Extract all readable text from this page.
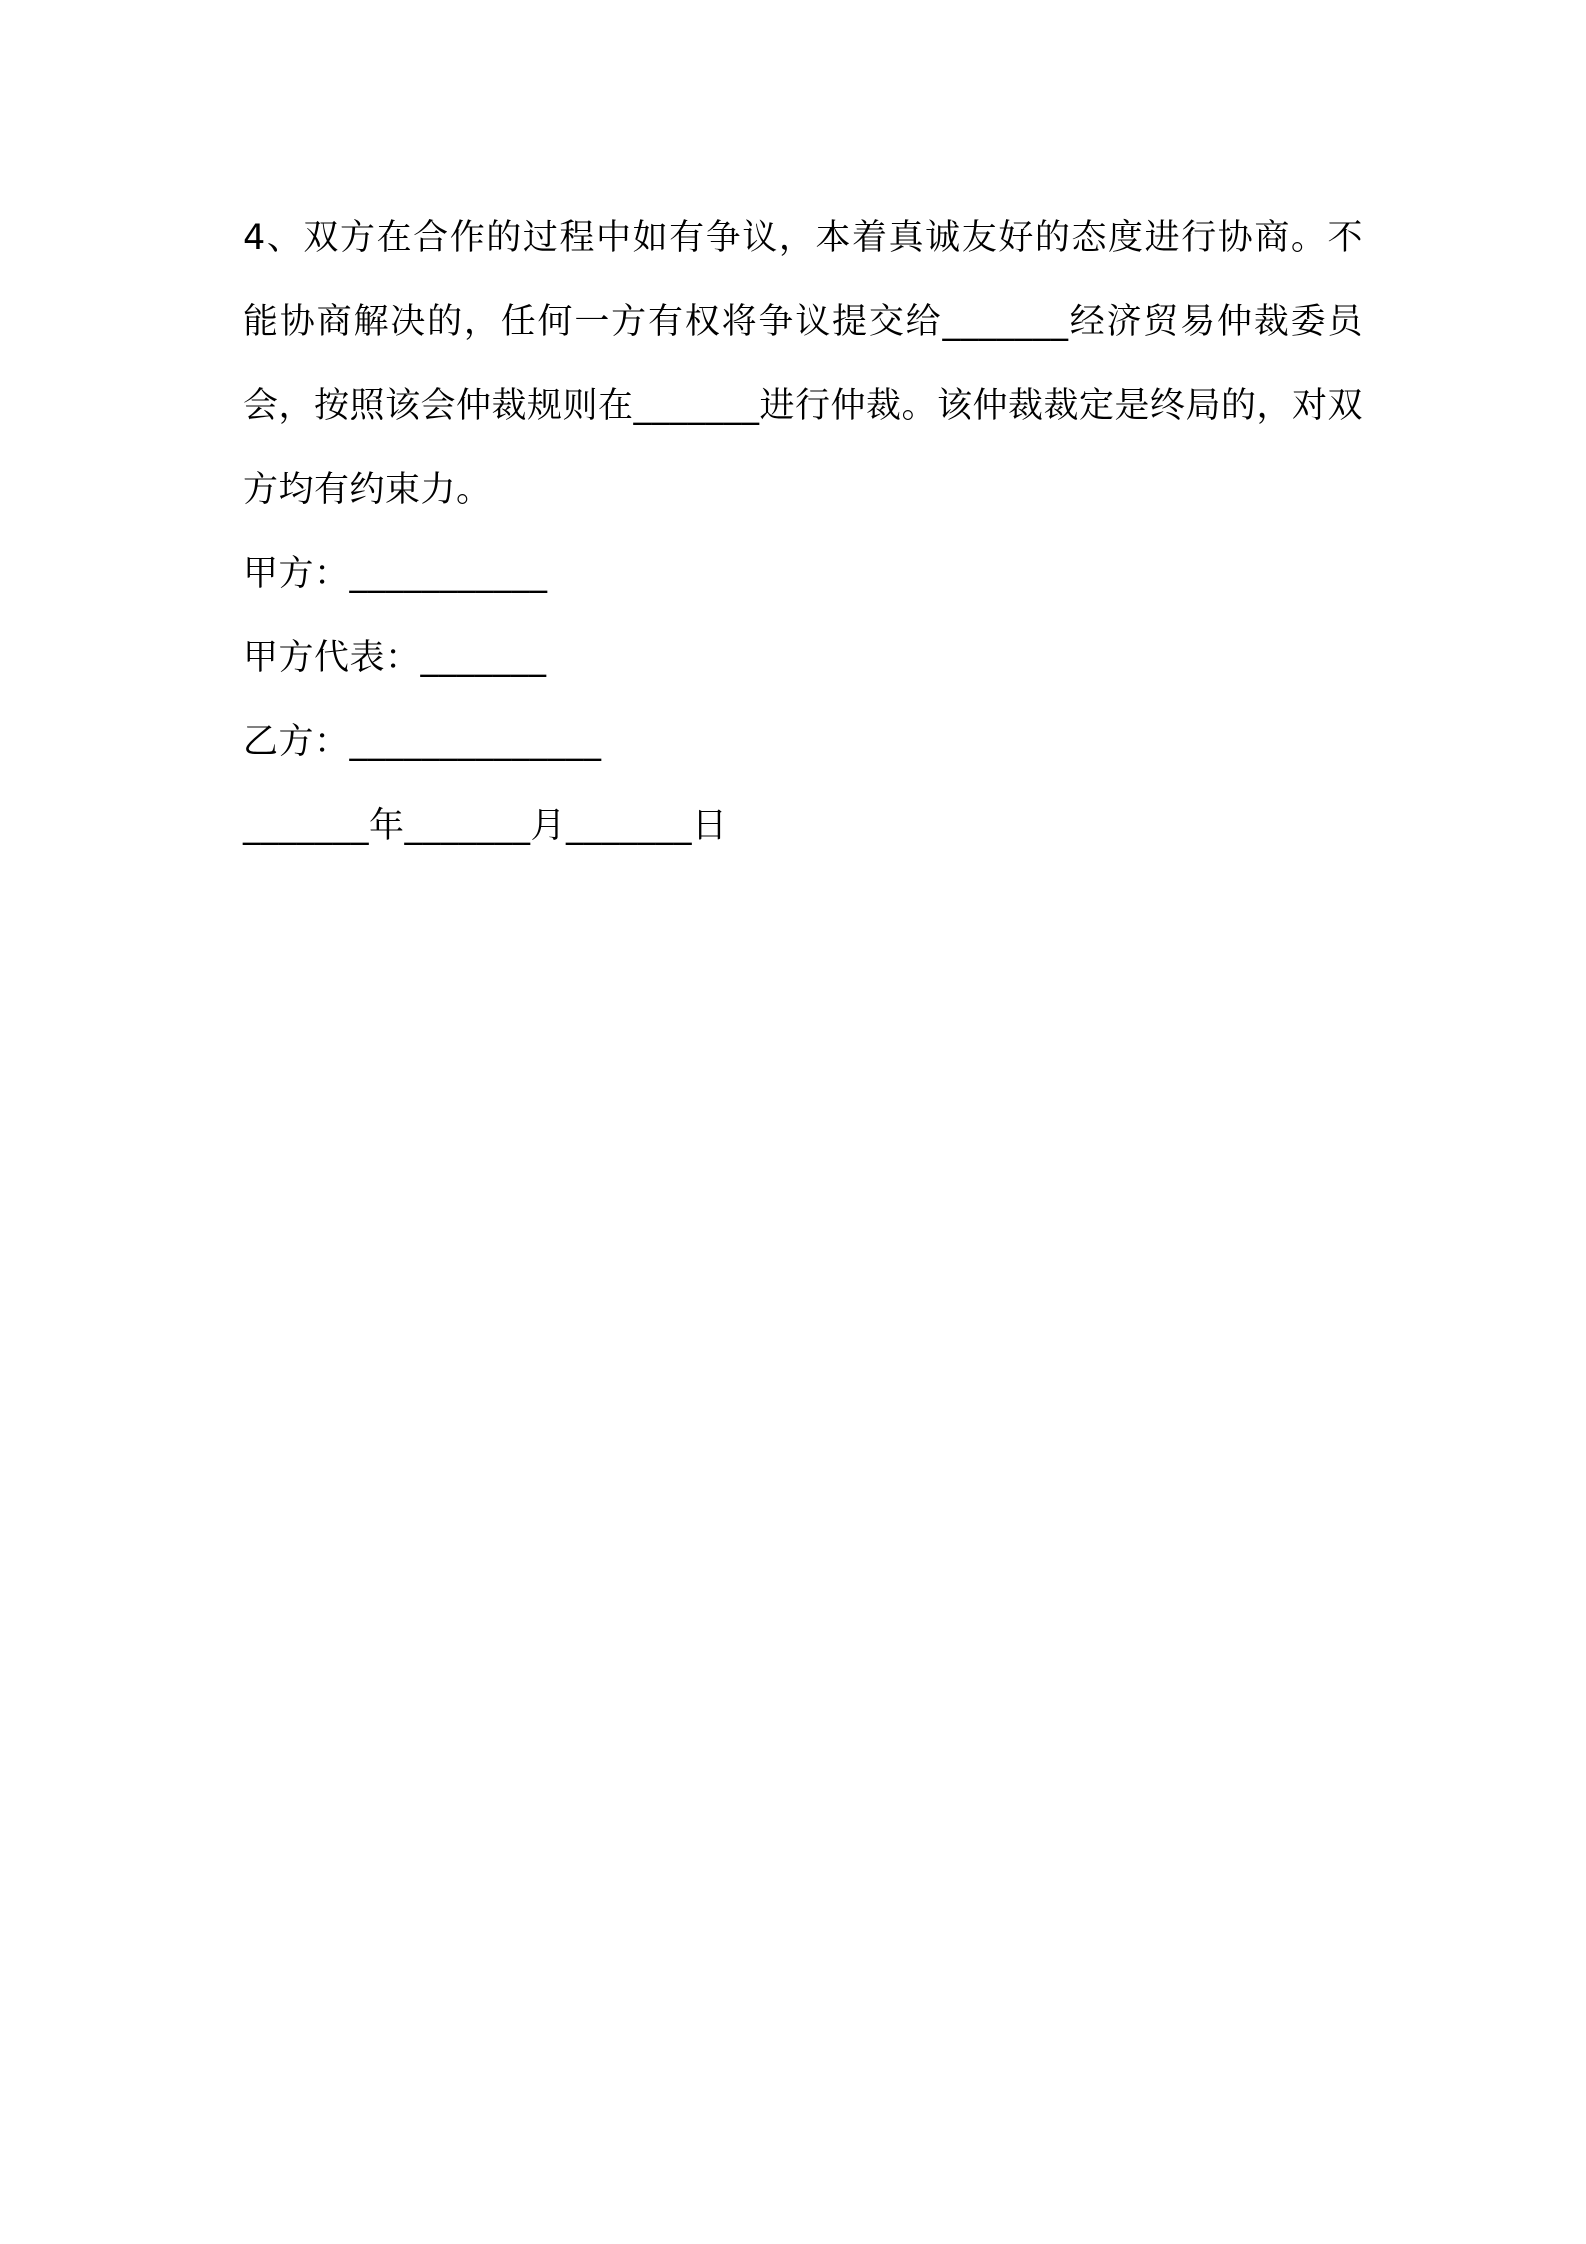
4、双方在合作的过程中如有争议，本着真诚友好的态度进行协商。不能协商解决的，任何一方有权将争议提交给_______经济贸易仲裁委员会，按照该会仲裁规则在_______进行仲裁。该仲裁裁定是终局的，对双方均有约束力。

甲方：___________

甲方代表：_______

乙方：______________

_______年_______月_______日
